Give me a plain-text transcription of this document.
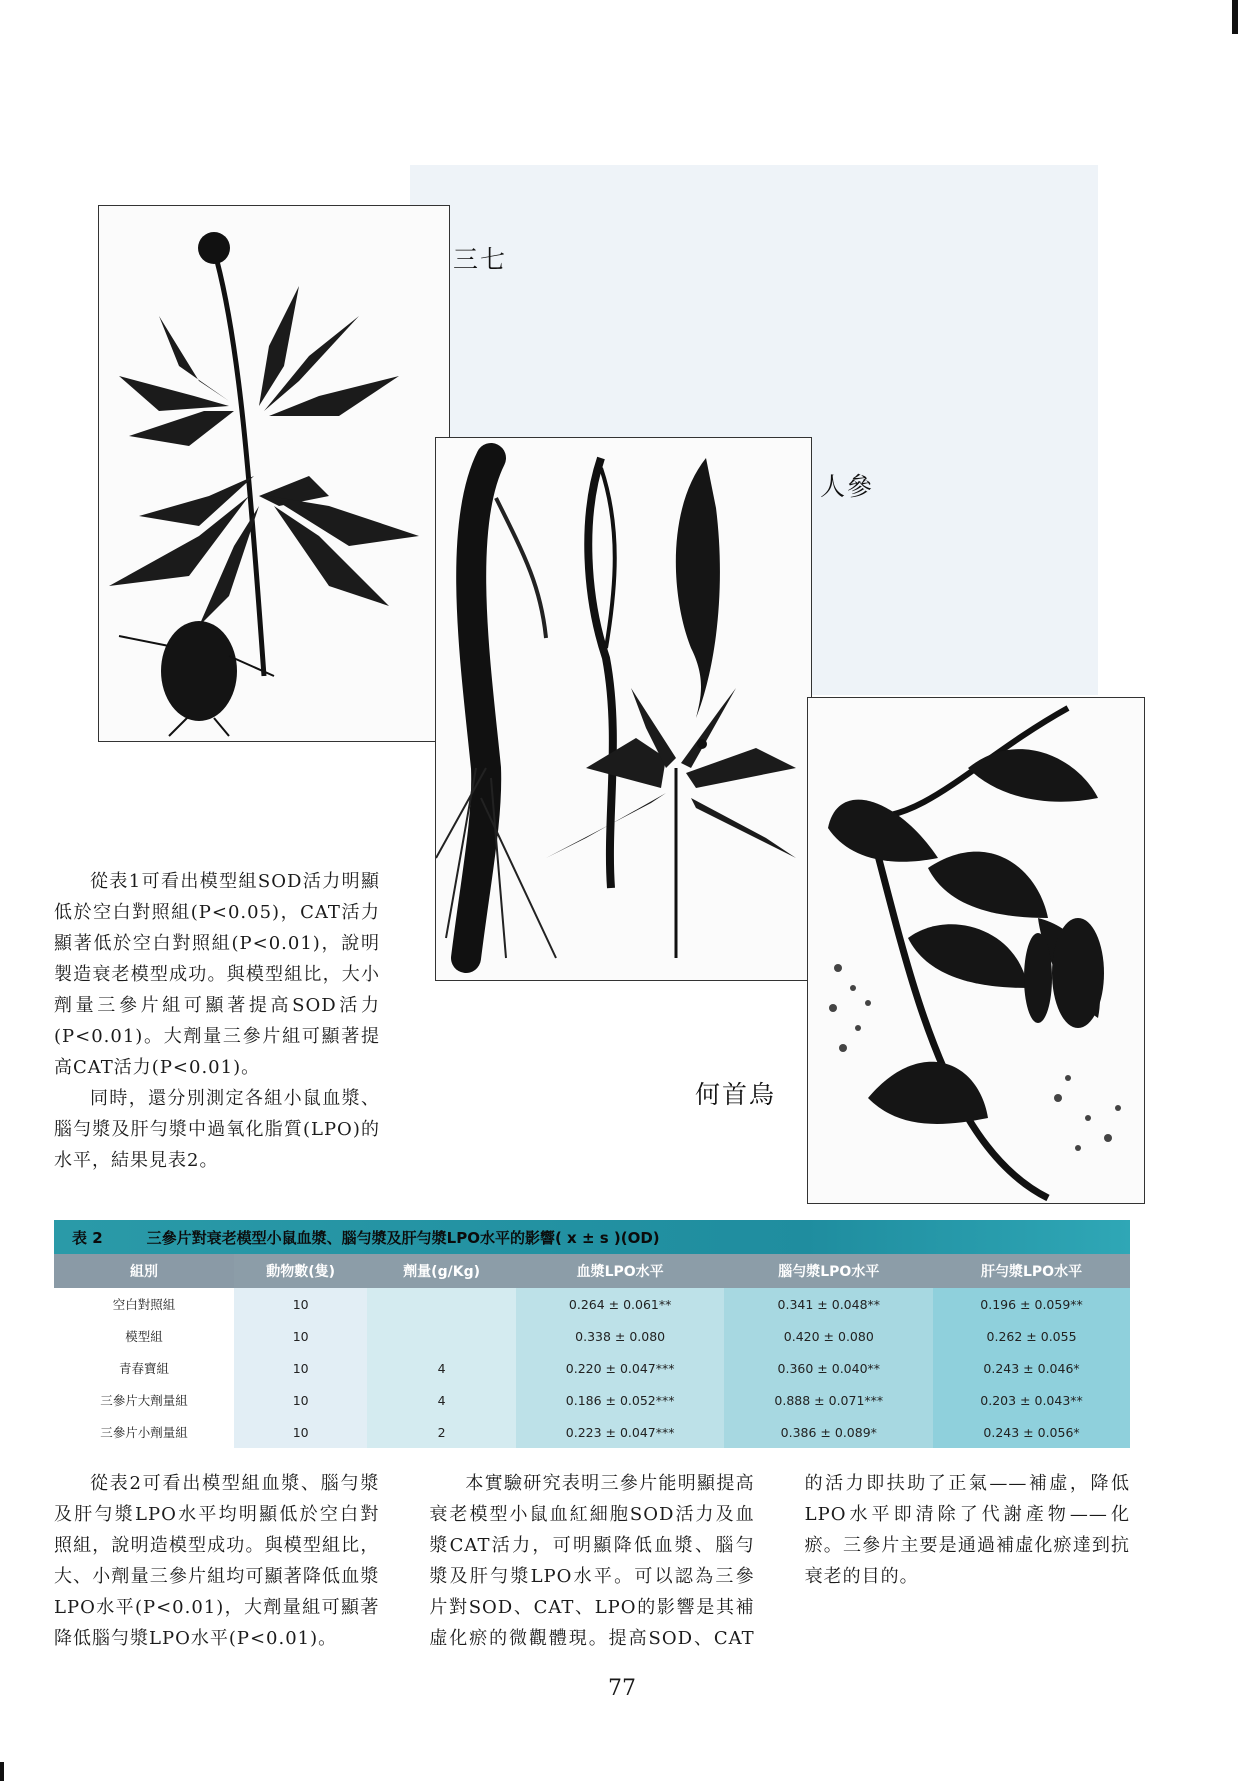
三七
人參
何首烏

從表1可看出模型組SOD活力明顯低於空白對照組(P<0.05)，CAT活力顯著低於空白對照組(P<0.01)，說明製造衰老模型成功。與模型組比，大小劑量三參片組可顯著提高SOD活力(P<0.01)。大劑量三參片組可顯著提高CAT活力(P<0.01)。

同時，還分別測定各組小鼠血漿、腦勻漿及肝勻漿中過氧化脂質(LPO)的水平，結果見表2。

表 2	三參片對衰老模型小鼠血漿、腦勻漿及肝勻漿LPO水平的影響( x ± s )(OD)
組別	動物數(隻)	劑量(g/Kg)	血漿LPO水平	腦勻漿LPO水平	肝勻漿LPO水平
空白對照組	10		0.264 ± 0.061**	0.341 ± 0.048**	0.196 ± 0.059**
模型組	10		0.338 ± 0.080	0.420 ± 0.080	0.262 ± 0.055
青春寶組	10	4	0.220 ± 0.047***	0.360 ± 0.040**	0.243 ± 0.046*
三參片大劑量組	10	4	0.186 ± 0.052***	0.888 ± 0.071***	0.203 ± 0.043**
三參片小劑量組	10	2	0.223 ± 0.047***	0.386 ± 0.089*	0.243 ± 0.056*

從表2可看出模型組血漿、腦勻漿及肝勻漿LPO水平均明顯低於空白對照組，說明造模型成功。與模型組比，大、小劑量三參片組均可顯著降低血漿LPO水平(P<0.01)，大劑量組可顯著降低腦勻漿LPO水平(P<0.01)。

本實驗研究表明三參片能明顯提高衰老模型小鼠血紅細胞SOD活力及血漿CAT活力，可明顯降低血漿、腦勻漿及肝勻漿LPO水平。可以認為三參片對SOD、CAT、LPO的影響是其補虛化瘀的微觀體現。提高SOD、CAT的活力即扶助了正氣——補虛，降低LPO水平即清除了代謝產物——化瘀。三參片主要是通過補虛化瘀達到抗衰老的目的。

77
